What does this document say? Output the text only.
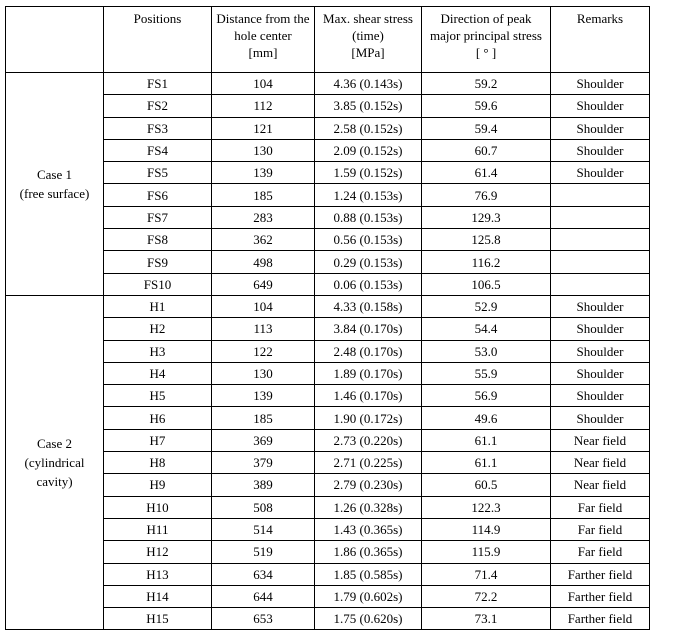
	Positions	Distance from the
hole center
[mm]	Max. shear stress
(time)
[MPa]	Direction of peak
major principal stress
[ ° ]	Remarks

Case 1
(free surface)	FS1	104	4.36 (0.143s)	59.2	Shoulder
	FS2	112	3.85 (0.152s)	59.6	Shoulder
	FS3	121	2.58 (0.152s)	59.4	Shoulder
	FS4	130	2.09 (0.152s)	60.7	Shoulder
	FS5	139	1.59 (0.152s)	61.4	Shoulder
	FS6	185	1.24 (0.153s)	76.9	
	FS7	283	0.88 (0.153s)	129.3	
	FS8	362	0.56 (0.153s)	125.8	
	FS9	498	0.29 (0.153s)	116.2	
	FS10	649	0.06 (0.153s)	106.5	

Case 2
(cylindrical
cavity)	H1	104	4.33 (0.158s)	52.9	Shoulder
	H2	113	3.84 (0.170s)	54.4	Shoulder
	H3	122	2.48 (0.170s)	53.0	Shoulder
	H4	130	1.89 (0.170s)	55.9	Shoulder
	H5	139	1.46 (0.170s)	56.9	Shoulder
	H6	185	1.90 (0.172s)	49.6	Shoulder
	H7	369	2.73 (0.220s)	61.1	Near field
	H8	379	2.71 (0.225s)	61.1	Near field
	H9	389	2.79 (0.230s)	60.5	Near field
	H10	508	1.26 (0.328s)	122.3	Far field
	H11	514	1.43 (0.365s)	114.9	Far field
	H12	519	1.86 (0.365s)	115.9	Far field
	H13	634	1.85 (0.585s)	71.4	Farther field
	H14	644	1.79 (0.602s)	72.2	Farther field
	H15	653	1.75 (0.620s)	73.1	Farther field
